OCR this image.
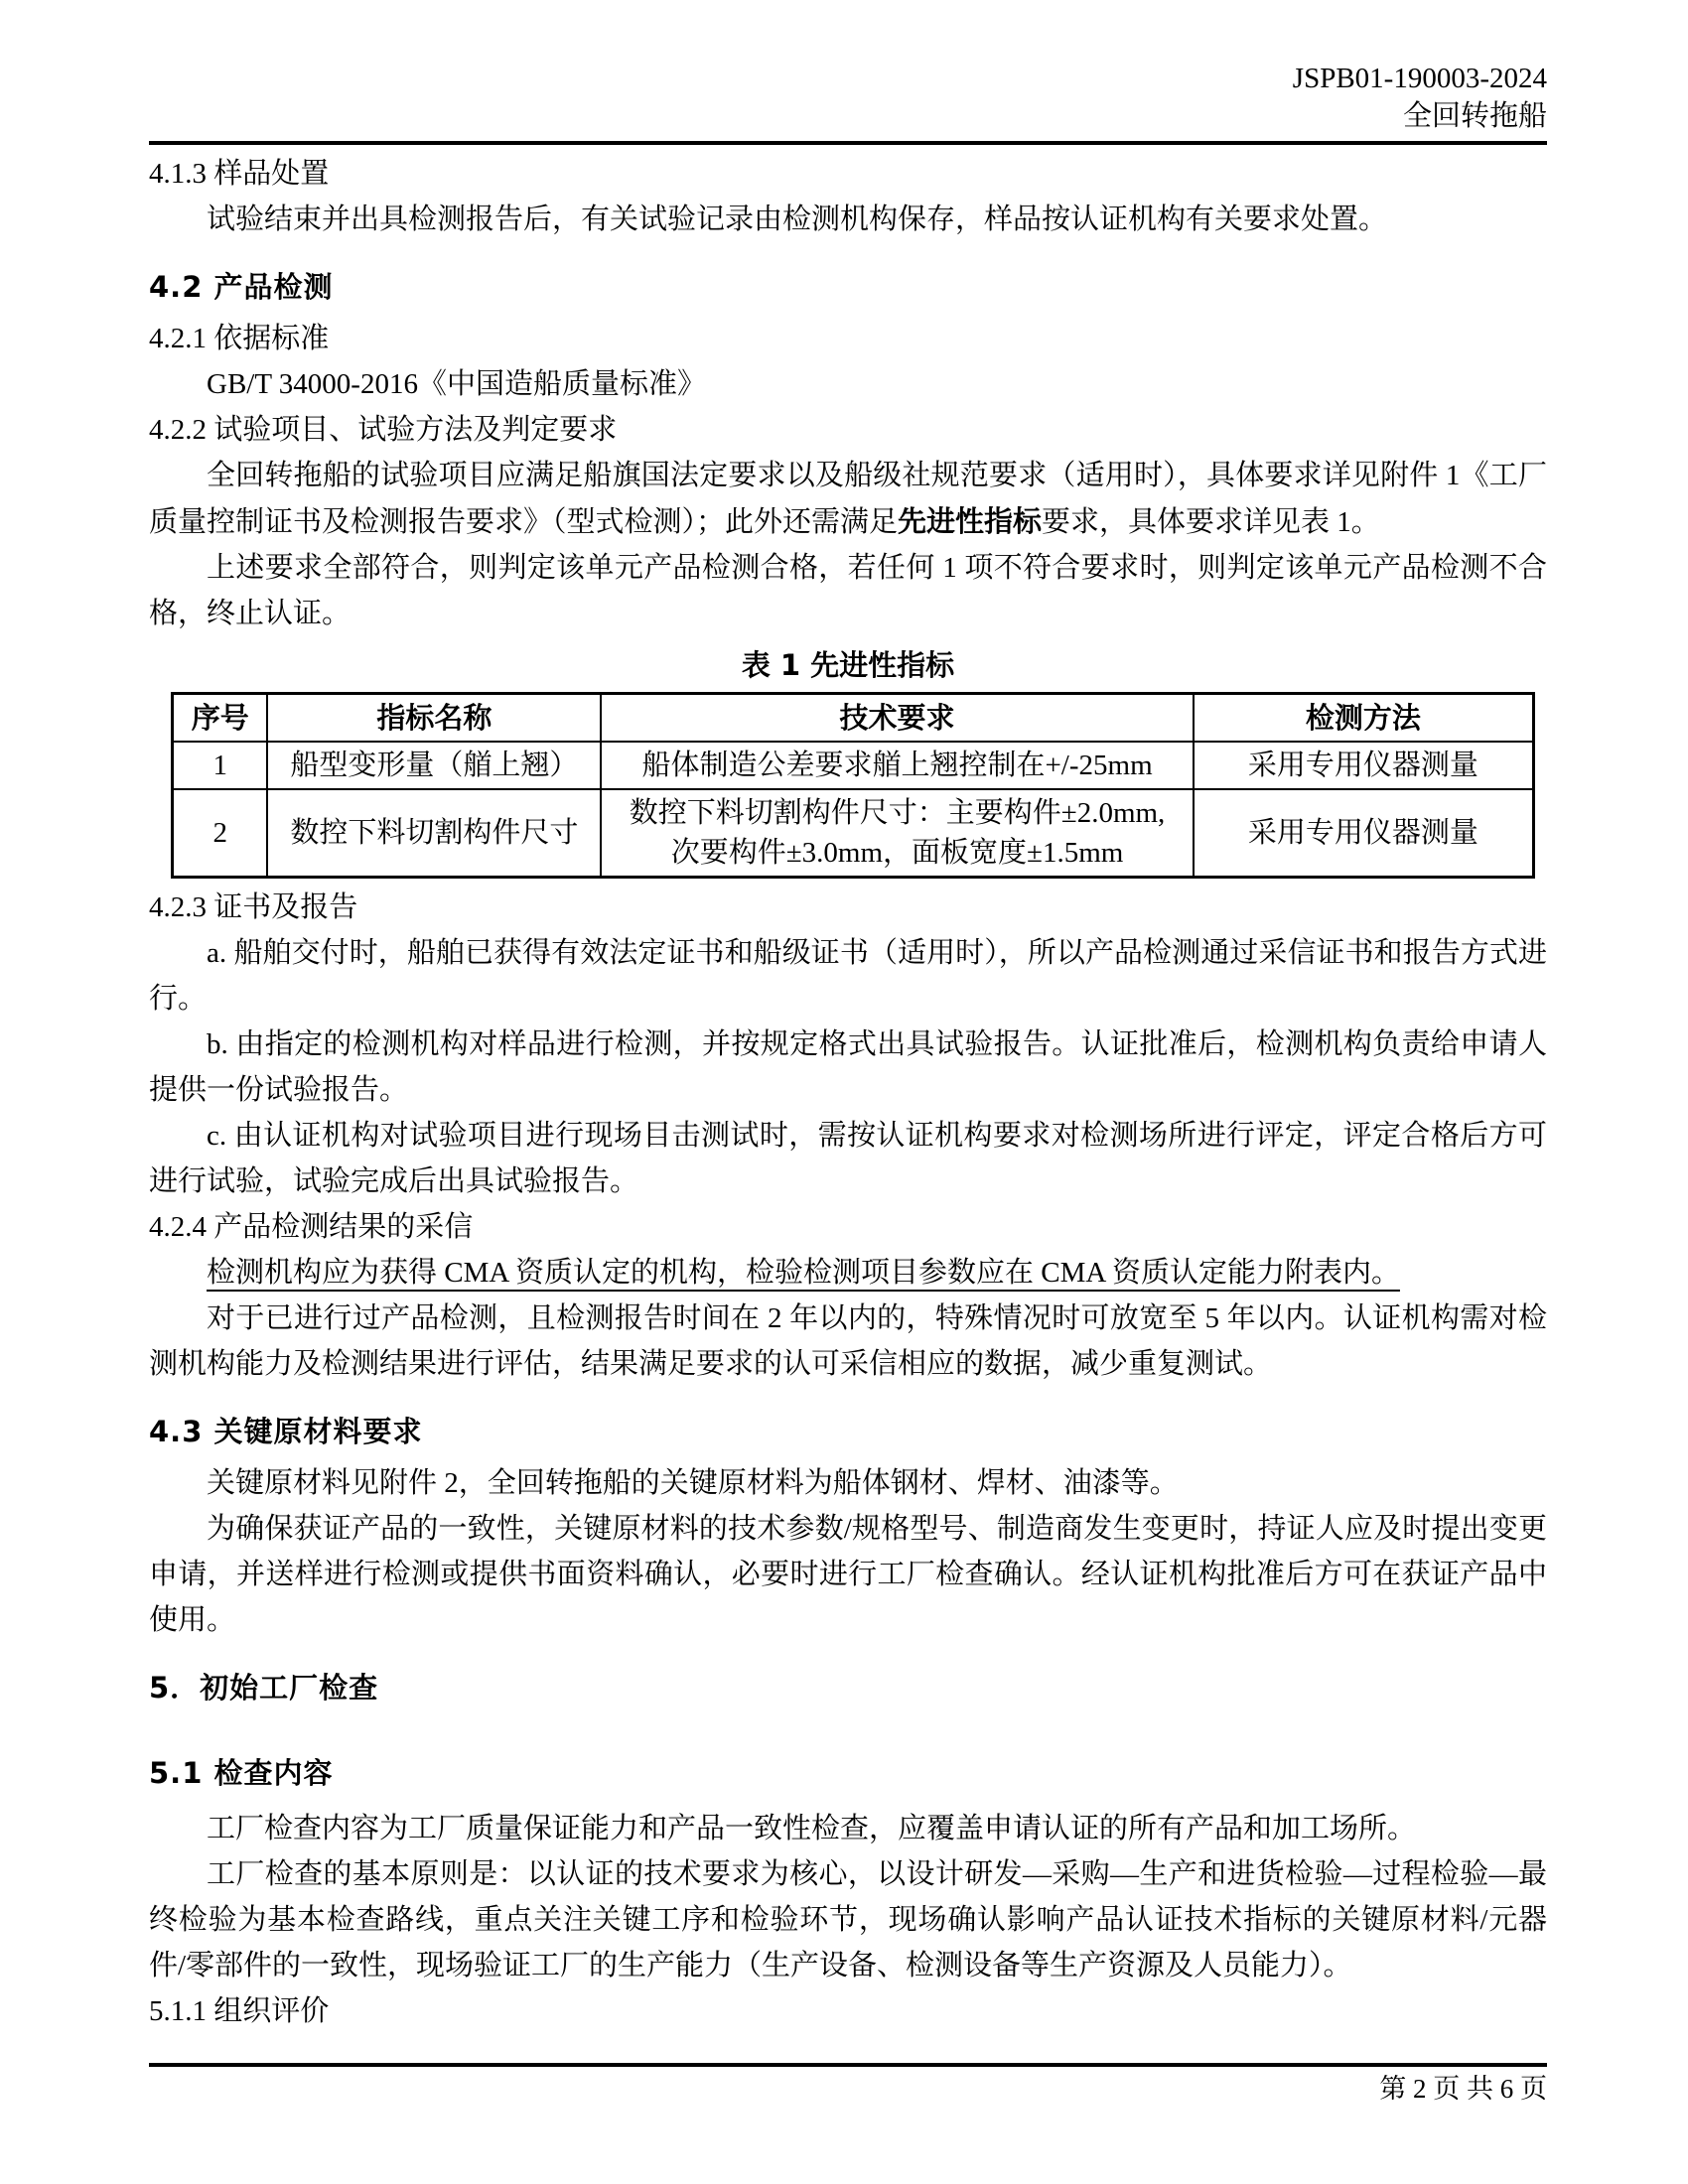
JSPB01-190003-2024
全回转拖船

4.1.3 样品处置

试验结束并出具检测报告后，有关试验记录由检测机构保存，样品按认证机构有关要求处置。

4.2 产品检测

4.2.1 依据标准

GB/T 34000-2016《中国造船质量标准》

4.2.2 试验项目、试验方法及判定要求

全回转拖船的试验项目应满足船旗国法定要求以及船级社规范要求（适用时），具体要求详见附件 1《工厂质量控制证书及检测报告要求》（型式检测）；此外还需满足先进性指标要求，具体要求详见表 1。

上述要求全部符合，则判定该单元产品检测合格，若任何 1 项不符合要求时，则判定该单元产品检测不合格，终止认证。

表 1 先进性指标
序号	指标名称	技术要求	检测方法
1	船型变形量（艏上翘）	船体制造公差要求艏上翘控制在+/-25mm	采用专用仪器测量
2	数控下料切割构件尺寸	数控下料切割构件尺寸：主要构件±2.0mm, 次要构件±3.0mm，面板宽度±1.5mm	采用专用仪器测量

4.2.3 证书及报告

a. 船舶交付时，船舶已获得有效法定证书和船级证书（适用时），所以产品检测通过采信证书和报告方式进行。

b. 由指定的检测机构对样品进行检测，并按规定格式出具试验报告。认证批准后，检测机构负责给申请人提供一份试验报告。

c. 由认证机构对试验项目进行现场目击测试时，需按认证机构要求对检测场所进行评定，评定合格后方可进行试验，试验完成后出具试验报告。

4.2.4 产品检测结果的采信

检测机构应为获得 CMA 资质认定的机构，检验检测项目参数应在 CMA 资质认定能力附表内。

对于已进行过产品检测，且检测报告时间在 2 年以内的，特殊情况时可放宽至 5 年以内。认证机构需对检测机构能力及检测结果进行评估，结果满足要求的认可采信相应的数据，减少重复测试。

4.3 关键原材料要求

关键原材料见附件 2，全回转拖船的关键原材料为船体钢材、焊材、油漆等。

为确保获证产品的一致性，关键原材料的技术参数/规格型号、制造商发生变更时，持证人应及时提出变更申请，并送样进行检测或提供书面资料确认，必要时进行工厂检查确认。经认证机构批准后方可在获证产品中使用。

5．初始工厂检查

5.1 检查内容

工厂检查内容为工厂质量保证能力和产品一致性检查，应覆盖申请认证的所有产品和加工场所。

工厂检查的基本原则是：以认证的技术要求为核心，以设计研发—采购—生产和进货检验—过程检验—最终检验为基本检查路线，重点关注关键工序和检验环节，现场确认影响产品认证技术指标的关键原材料/元器件/零部件的一致性，现场验证工厂的生产能力（生产设备、检测设备等生产资源及人员能力）。

5.1.1 组织评价

第 2 页 共 6 页
